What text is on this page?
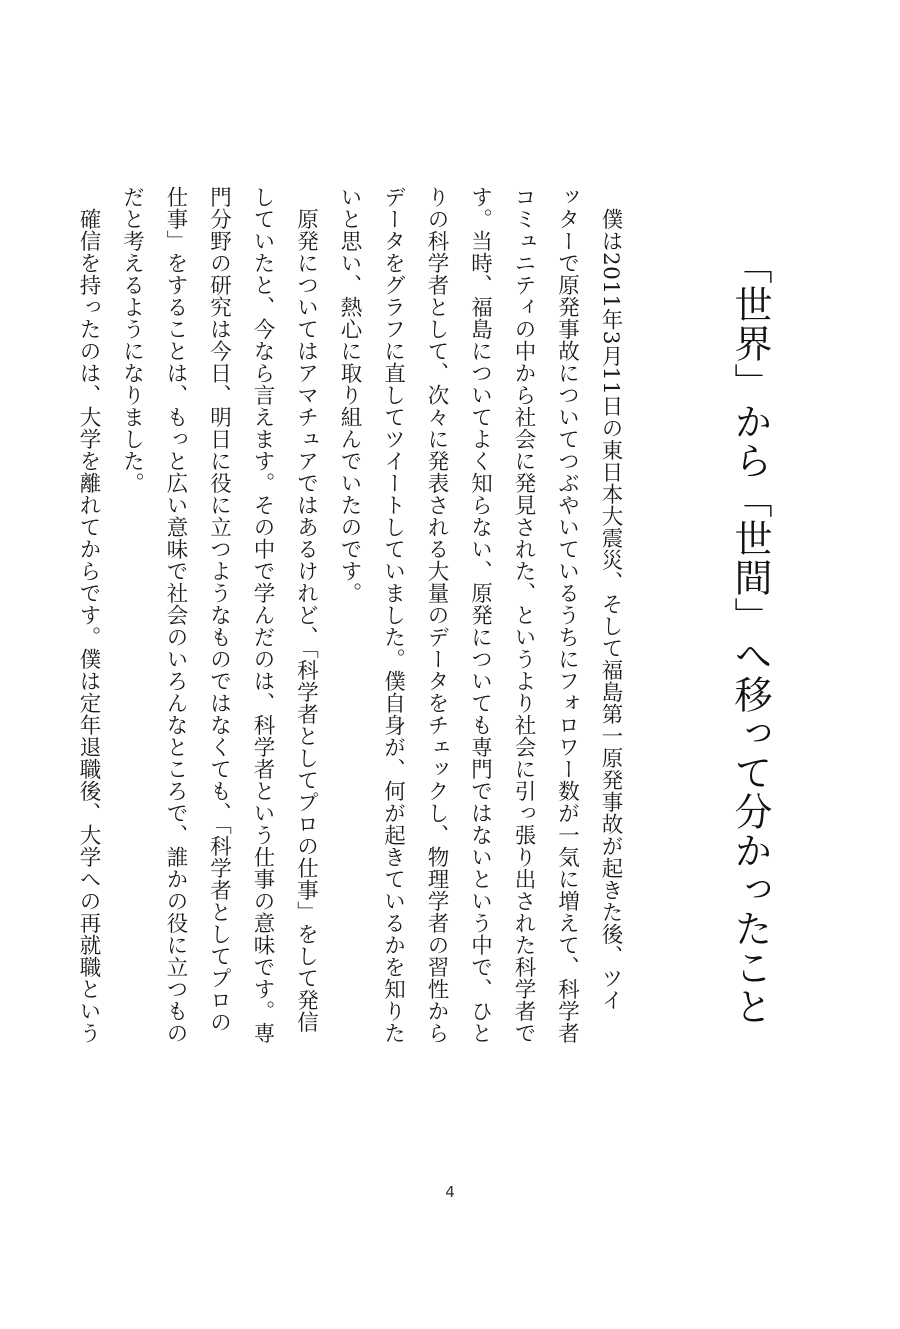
「世界」から「世間」へ移って分かったこと
　僕は2011年3月11日の東日本大震災、そして福島第一原発事故が起きた後、ツイ
ッターで原発事故についてつぶやいているうちにフォロワー数が一気に増えて、科学者
コミュニティの中から社会に発見された、というより社会に引っ張り出された科学者で
す。当時、福島についてよく知らない、原発についても専門ではないという中で、ひと
りの科学者として、次々に発表される大量のデータをチェックし、物理学者の習性から
データをグラフに直してツイートしていました。僕自身が、何が起きているかを知りた
いと思い、熱心に取り組んでいたのです。
　原発についてはアマチュアではあるけれど、「科学者としてプロの仕事」をして発信
していたと、今なら言えます。その中で学んだのは、科学者という仕事の意味です。専
門分野の研究は今日、明日に役に立つようなものではなくても、「科学者としてプロの
仕事」をすることは、もっと広い意味で社会のいろんなところで、誰かの役に立つもの
だと考えるようになりました。
　確信を持ったのは、大学を離れてからです。僕は定年退職後、大学への再就職という
4
